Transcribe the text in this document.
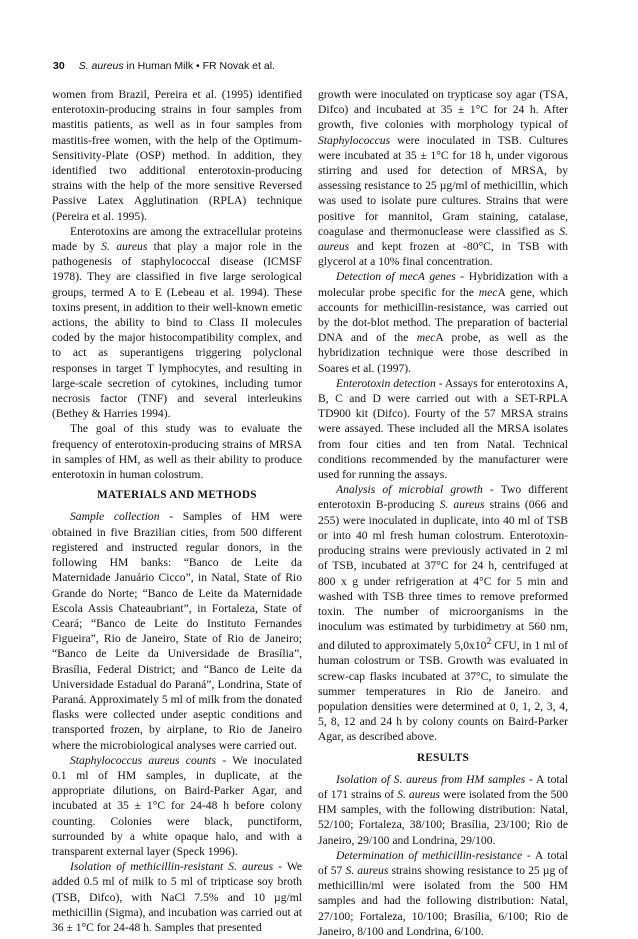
30 S. aureus in Human Milk • FR Novak et al.

women from Brazil, Pereira et al. (1995) identified enterotoxin-producing strains in four samples from mastitis patients, as well as in four samples from mastitis-free women, with the help of the Optimum-Sensitivity-Plate (OSP) method. In addition, they identified two additional enterotoxin-producing strains with the help of the more sensitive Reversed Passive Latex Agglutination (RPLA) technique (Pereira et al. 1995).

Enterotoxins are among the extracellular proteins made by S. aureus that play a major role in the pathogenesis of staphylococcal disease (ICMSF 1978). They are classified in five large serological groups, termed A to E (Lebeau et al. 1994). These toxins present, in addition to their well-known emetic actions, the ability to bind to Class II molecules coded by the major histocompatibility complex, and to act as superantigens triggering polyclonal responses in target T lymphocytes, and resulting in large-scale secretion of cytokines, including tumor necrosis factor (TNF) and several interleukins (Bethey & Harries 1994).

The goal of this study was to evaluate the frequency of enterotoxin-producing strains of MRSA in samples of HM, as well as their ability to produce enterotoxin in human colostrum.

MATERIALS AND METHODS

Sample collection - Samples of HM were obtained in five Brazilian cities, from 500 different registered and instructed regular donors, in the following HM banks: “Banco de Leite da Maternidade Januário Cicco”, in Natal, State of Rio Grande do Norte; “Banco de Leite da Maternidade Escola Assis Chateaubriant”, in Fortaleza, State of Ceará; “Banco de Leite do Instituto Fernandes Figueira”, Rio de Janeiro, State of Rio de Janeiro; “Banco de Leite da Universidade de Brasília”, Brasília, Federal District; and “Banco de Leite da Universidade Estadual do Paraná”, Londrina, State of Paraná. Approximately 5 ml of milk from the donated flasks were collected under aseptic conditions and transported frozen, by airplane, to Rio de Janeiro where the microbiological analyses were carried out.

Staphylococcus aureus counts - We inoculated 0.1 ml of HM samples, in duplicate, at the appropriate dilutions, on Baird-Parker Agar, and incubated at 35 ± 1°C for 24-48 h before colony counting. Colonies were black, punctiform, surrounded by a white opaque halo, and with a transparent external layer (Speck 1996).

Isolation of methicillin-resistant S. aureus - We added 0.5 ml of milk to 5 ml of tripticase soy broth (TSB, Difco), with NaCl 7.5% and 10 µg/ml methicillin (Sigma), and incubation was carried out at 36 ± 1°C for 24-48 h. Samples that presented

growth were inoculated on trypticase soy agar (TSA, Difco) and incubated at 35 ± 1°C for 24 h. After growth, five colonies with morphology typical of Staphylococcus were inoculated in TSB. Cultures were incubated at 35 ± 1°C for 18 h, under vigorous stirring and used for detection of MRSA, by assessing resistance to 25 µg/ml of methicillin, which was used to isolate pure cultures. Strains that were positive for mannitol, Gram staining, catalase, coagulase and thermonuclease were classified as S. aureus and kept frozen at -80°C, in TSB with glycerol at a 10% final concentration.

Detection of mecA genes - Hybridization with a molecular probe specific for the mecA gene, which accounts for methicillin-resistance, was carried out by the dot-blot method. The preparation of bacterial DNA and of the mecA probe, as well as the hybridization technique were those described in Soares et al. (1997).

Enterotoxin detection - Assays for enterotoxins A, B, C and D were carried out with a SET-RPLA TD900 kit (Difco). Fourty of the 57 MRSA strains were assayed. These included all the MRSA isolates from four cities and ten from Natal. Technical conditions recommended by the manufacturer were used for running the assays.

Analysis of microbial growth - Two different enterotoxin B-producing S. aureus strains (066 and 255) were inoculated in duplicate, into 40 ml of TSB or into 40 ml fresh human colostrum. Enterotoxin-producing strains were previously activated in 2 ml of TSB, incubated at 37°C for 24 h, centrifuged at 800 x g under refrigeration at 4°C for 5 min and washed with TSB three times to remove preformed toxin. The number of microorganisms in the inoculum was estimated by turbidimetry at 560 nm, and diluted to approximately $5,0x10^2$ CFU, in 1 ml of human colostrum or TSB. Growth was evaluated in screw-cap flasks incubated at 37°C, to simulate the summer temperatures in Rio de Janeiro. and population densities were determined at 0, 1, 2, 3, 4, 5, 8, 12 and 24 h by colony counts on Baird-Parker Agar, as described above.

RESULTS

Isolation of S. aureus from HM samples - A total of 171 strains of S. aureus were isolated from the 500 HM samples, with the following distribution: Natal, 52/100; Fortaleza, 38/100; Brasília, 23/100; Rio de Janeiro, 29/100 and Londrina, 29/100.

Determination of methicillin-resistance - A total of 57 S. aureus strains showing resistance to 25 µg of methicillin/ml were isolated from the 500 HM samples and had the following distribution: Natal, 27/100; Fortaleza, 10/100; Brasília, 6/100; Rio de Janeiro, 8/100 and Londrina, 6/100.
